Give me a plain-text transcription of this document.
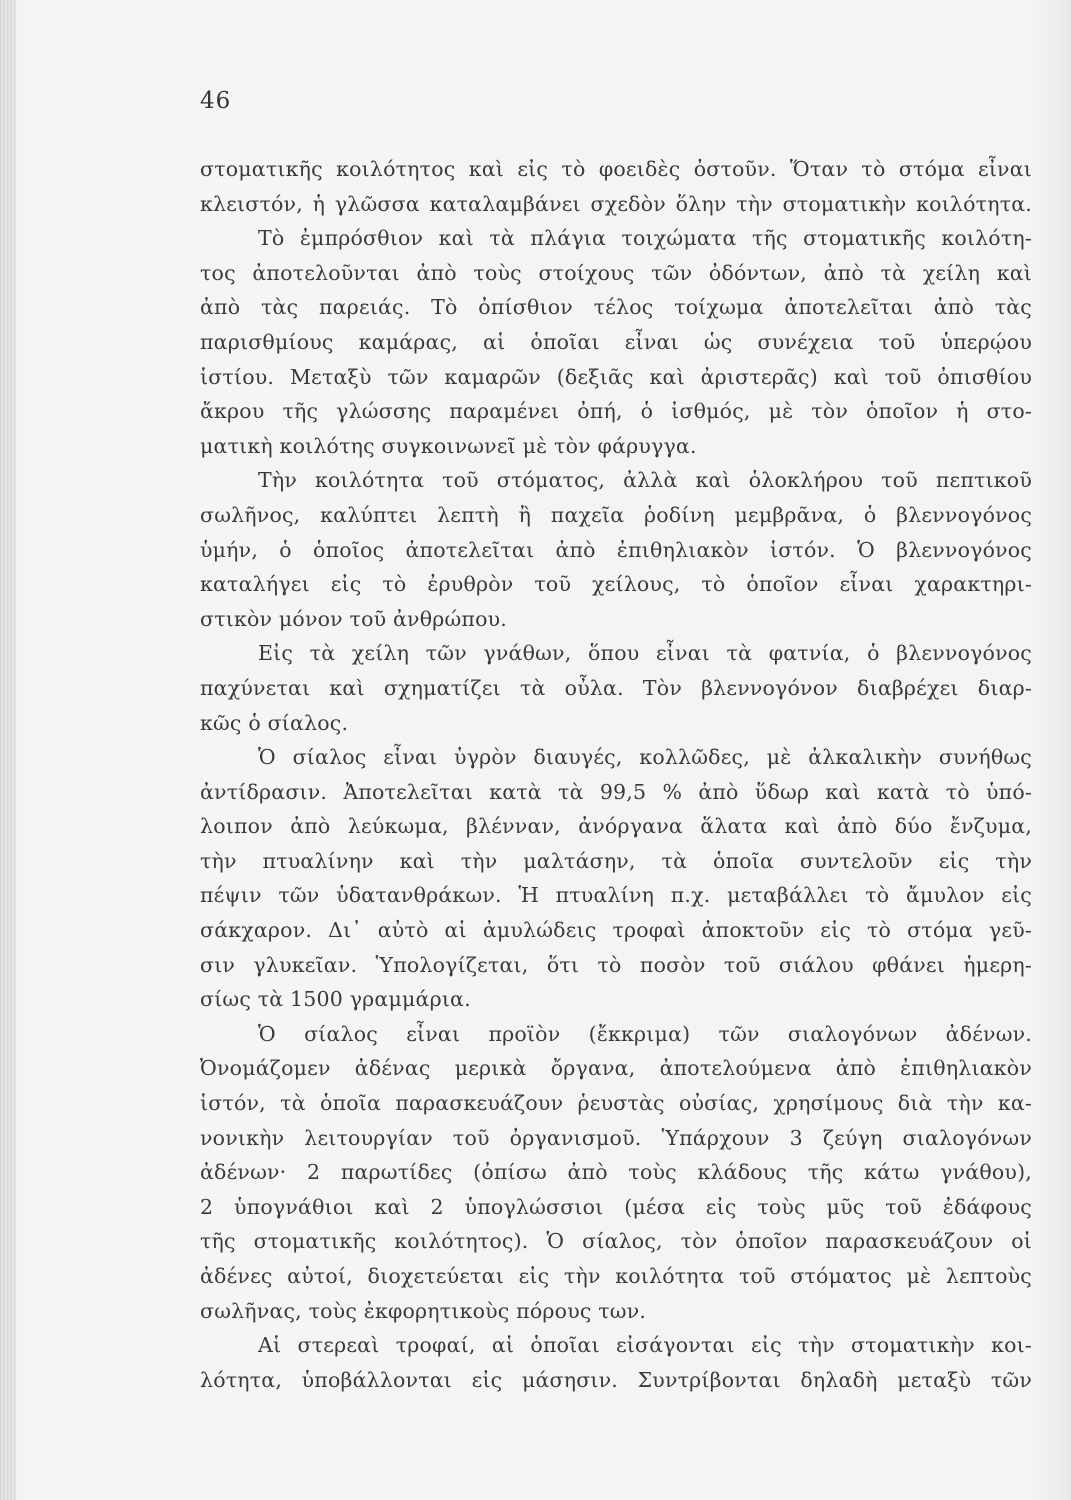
46
στοματικῆς κοιλότητος καὶ εἰς τὸ φοειδὲς ὀστοῦν. Ὅταν τὸ στόμα εἶναι
κλειστόν, ἡ γλῶσσα καταλαμβάνει σχεδὸν ὅλην τὴν στοματικὴν κοιλότητα.
Τὸ ἐμπρόσθιον καὶ τὰ πλάγια τοιχώματα τῆς στοματικῆς κοιλότη-
τος ἀποτελοῦνται ἀπὸ τοὺς στοίχους τῶν ὀδόντων, ἀπὸ τὰ χείλη καὶ
ἀπὸ τὰς παρειάς. Τὸ ὀπίσθιον τέλος τοίχωμα ἀποτελεῖται ἀπὸ τὰς
παρισθμίους καμάρας, αἱ ὁποῖαι εἶναι ὡς συνέχεια τοῦ ὑπερῴου
ἱστίου. Μεταξὺ τῶν καμαρῶν (δεξιᾶς καὶ ἀριστερᾶς) καὶ τοῦ ὀπισθίου
ἄκρου τῆς γλώσσης παραμένει ὀπή, ὁ ἰσθμός, μὲ τὸν ὁποῖον ἡ στο-
ματικὴ κοιλότης συγκοινωνεῖ μὲ τὸν φάρυγγα.
Τὴν κοιλότητα τοῦ στόματος, ἀλλὰ καὶ ὁλοκλήρου τοῦ πεπτικοῦ
σωλῆνος, καλύπτει λεπτὴ ἢ παχεῖα ῥοδίνη μεμβρᾶνα, ὁ βλεννογόνος
ὑμήν, ὁ ὁποῖος ἀποτελεῖται ἀπὸ ἐπιθηλιακὸν ἱστόν. Ὁ βλεννογόνος
καταλήγει εἰς τὸ ἐρυθρὸν τοῦ χείλους, τὸ ὁποῖον εἶναι χαρακτηρι-
στικὸν μόνον τοῦ ἀνθρώπου.
Εἰς τὰ χείλη τῶν γνάθων, ὅπου εἶναι τὰ φατνία, ὁ βλεννογόνος
παχύνεται καὶ σχηματίζει τὰ οὖλα. Τὸν βλεννογόνον διαβρέχει διαρ-
κῶς ὁ σίαλος.
Ὁ σίαλος εἶναι ὑγρὸν διαυγές, κολλῶδες, μὲ ἀλκαλικὴν συνήθως
ἀντίδρασιν. Ἀποτελεῖται κατὰ τὰ 99,5 % ἀπὸ ὕδωρ καὶ κατὰ τὸ ὑπό-
λοιπον ἀπὸ λεύκωμα, βλένναν, ἀνόργανα ἅλατα καὶ ἀπὸ δύο ἔνζυμα,
τὴν πτυαλίνην καὶ τὴν μαλτάσην, τὰ ὁποῖα συντελοῦν εἰς τὴν
πέψιν τῶν ὑδατανθράκων. Ἡ πτυαλίνη π.χ. μεταβάλλει τὸ ἄμυλον εἰς
σάκχαρον. Δι᾽ αὐτὸ αἱ ἀμυλώδεις τροφαὶ ἀποκτοῦν εἰς τὸ στόμα γεῦ-
σιν γλυκεῖαν. Ὑπολογίζεται, ὅτι τὸ ποσὸν τοῦ σιάλου φθάνει ἡμερη-
σίως τὰ 1500 γραμμάρια.
Ὁ σίαλος εἶναι προϊὸν (ἔκκριμα) τῶν σιαλογόνων ἀδένων.
Ὀνομάζομεν ἀδένας μερικὰ ὄργανα, ἀποτελούμενα ἀπὸ ἐπιθηλιακὸν
ἱστόν, τὰ ὁποῖα παρασκευάζουν ῥευστὰς οὐσίας, χρησίμους διὰ τὴν κα-
νονικὴν λειτουργίαν τοῦ ὀργανισμοῦ. Ὑπάρχουν 3 ζεύγη σιαλογόνων
ἀδένων· 2 παρωτίδες (ὀπίσω ἀπὸ τοὺς κλάδους τῆς κάτω γνάθου),
2 ὑπογνάθιοι καὶ 2 ὑπογλώσσιοι (μέσα εἰς τοὺς μῦς τοῦ ἐδάφους
τῆς στοματικῆς κοιλότητος). Ὁ σίαλος, τὸν ὁποῖον παρασκευάζουν οἱ
ἀδένες αὐτοί, διοχετεύεται εἰς τὴν κοιλότητα τοῦ στόματος μὲ λεπτοὺς
σωλῆνας, τοὺς ἐκφορητικοὺς πόρους των.
Αἱ στερεαὶ τροφαί, αἱ ὁποῖαι εἰσάγονται εἰς τὴν στοματικὴν κοι-
λότητα, ὑποβάλλονται εἰς μάσησιν. Συντρίβονται δηλαδὴ μεταξὺ τῶν
